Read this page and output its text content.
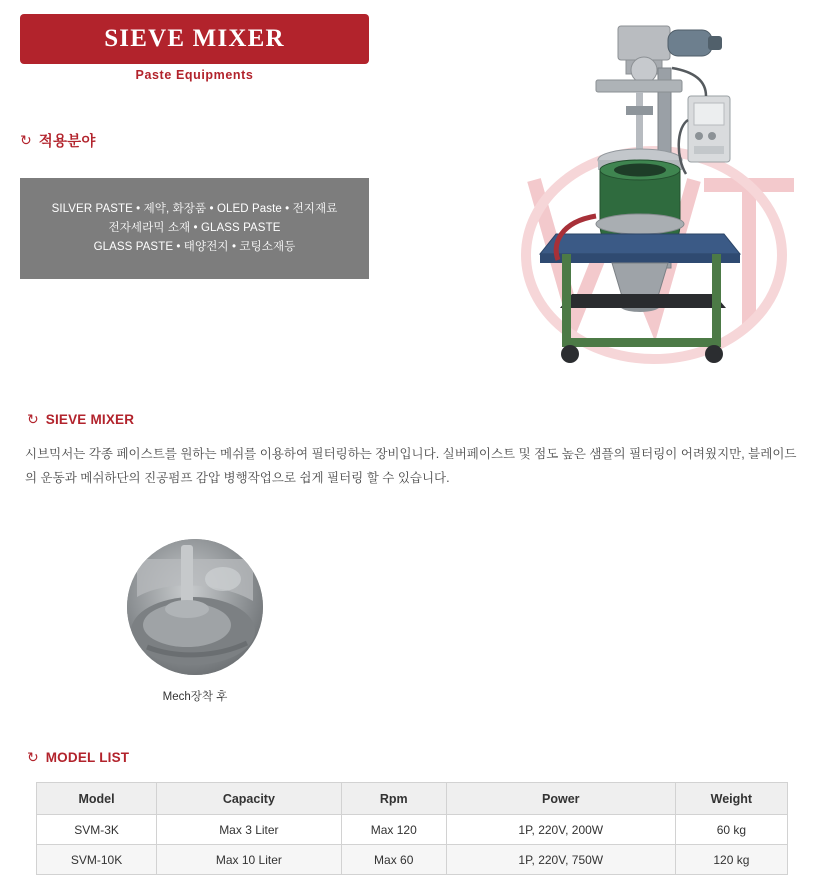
SIEVE MIXER
Paste Equipments
↻ 적용분야
SILVER PASTE • 제약, 화장품 • OLED Paste • 전지재료
전자세라믹 소재 • GLASS PASTE
GLASS PASTE • 태양전지 • 코팅소재등
↻ SIEVE MIXER
시브믹서는 각종 페이스트를 원하는 메쉬를 이용하여 필터링하는 장비입니다. 실버페이스트 및 점도 높은 샘플의 필터링이 어려웠지만, 블레이드의 운동과 메쉬하단의 진공펌프 감압 병행작업으로 쉽게 필터링 할 수 있습니다.
Mech장착 후
↻ MODEL LIST
Model	Capacity	Rpm	Power	Weight
SVM-3K	Max 3 Liter	Max 120	1P, 220V, 200W	60 kg
SVM-10K	Max 10 Liter	Max 60	1P, 220V, 750W	120 kg
